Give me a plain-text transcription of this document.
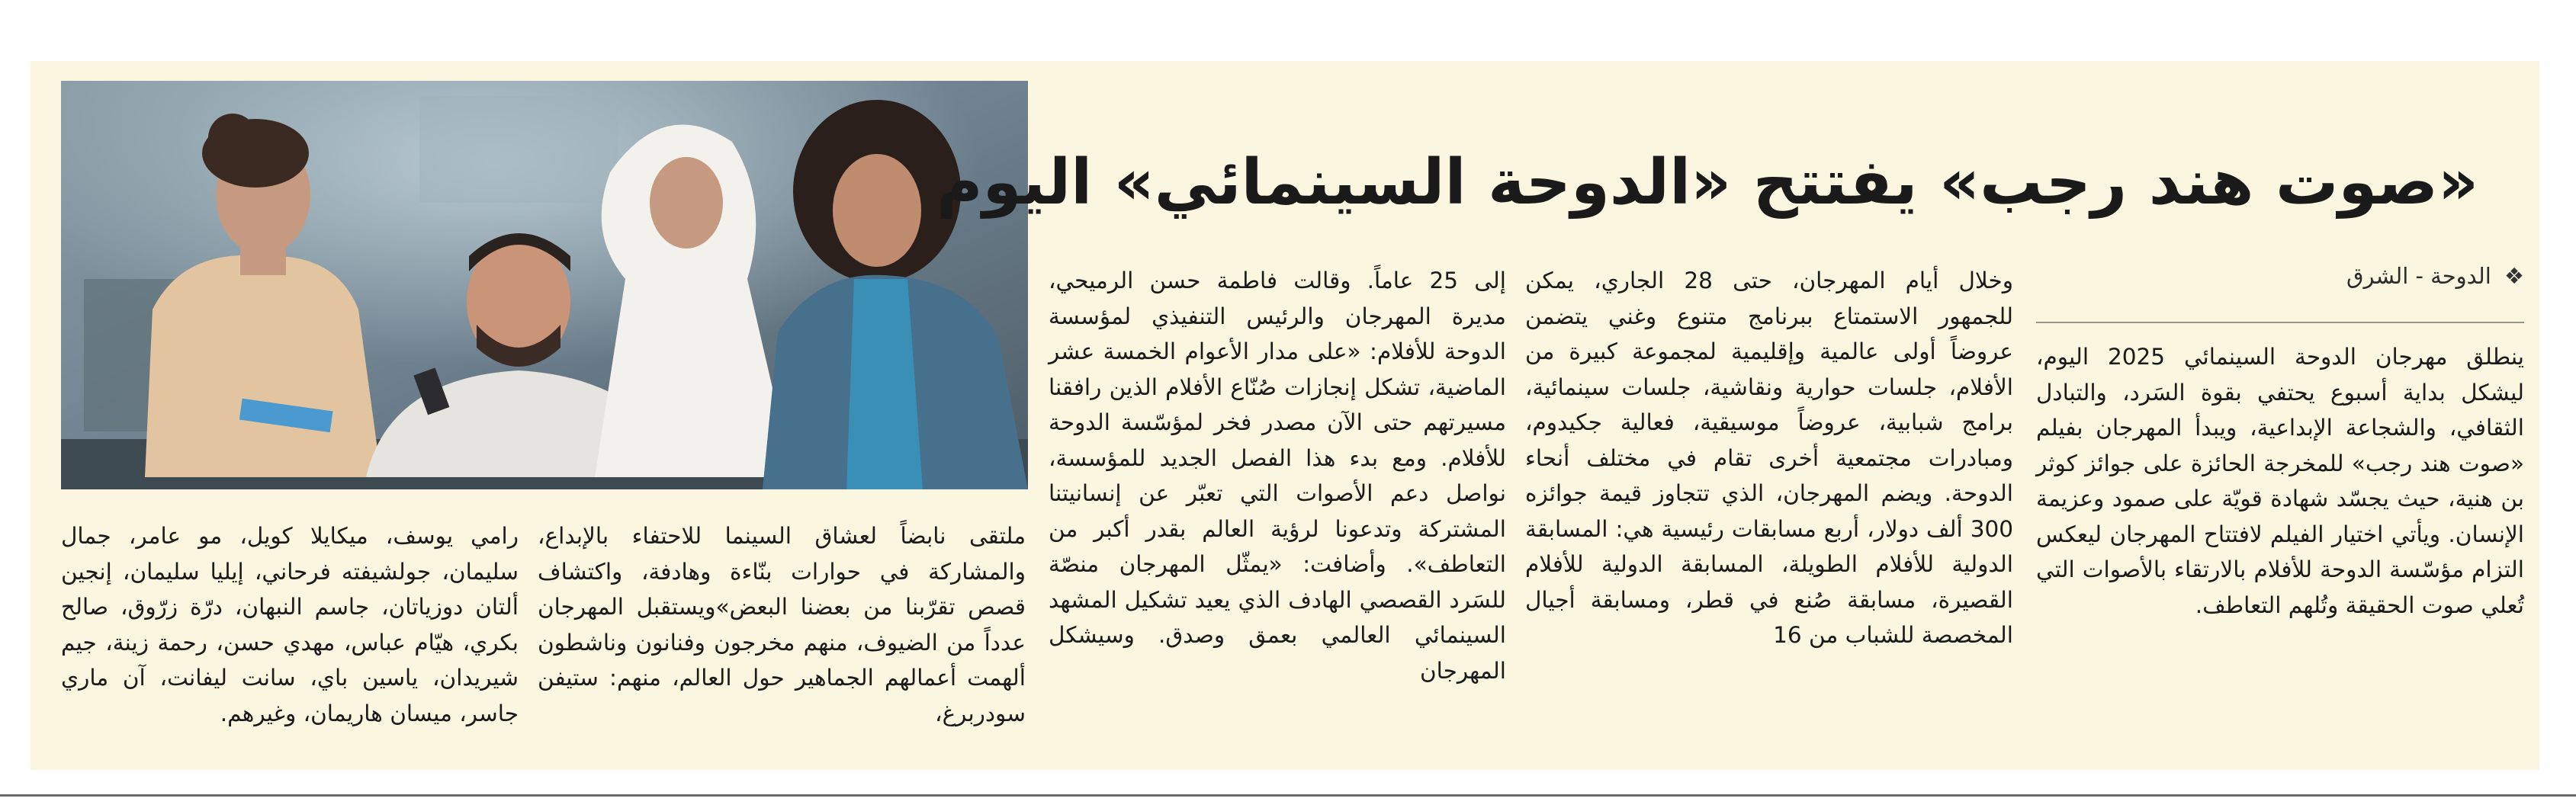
«صوت هند رجب» يفتتح «الدوحة السينمائي» اليوم
❖ الدوحة - الشرق

ينطلق مهرجان الدوحة السينمائي 2025 اليوم، ليشكل بداية أسبوع يحتفي بقوة السَرد، والتبادل الثقافي، والشجاعة الإبداعية، ويبدأ المهرجان بفيلم «صوت هند رجب» للمخرجة الحائزة على جوائز كوثر بن هنية، حيث يجسّد شهادة قويّة على صمود وعزيمة الإنسان. ويأتي اختيار الفيلم لافتتاح المهرجان ليعكس التزام مؤسّسة الدوحة للأفلام بالارتقاء بالأصوات التي تُعلي صوت الحقيقة وتُلهم التعاطف.

وخلال أيام المهرجان، حتى 28 الجاري، يمكن للجمهور الاستمتاع ببرنامج متنوع وغني يتضمن عروضاً أولى عالمية وإقليمية لمجموعة كبيرة من الأفلام، جلسات حوارية ونقاشية، جلسات سينمائية، برامج شبابية، عروضاً موسيقية، فعالية جكيدوم، ومبادرات مجتمعية أخرى تقام في مختلف أنحاء الدوحة. ويضم المهرجان، الذي تتجاوز قيمة جوائزه 300 ألف دولار، أربع مسابقات رئيسية هي: المسابقة الدولية للأفلام الطويلة، المسابقة الدولية للأفلام القصيرة، مسابقة صُنع في قطر، ومسابقة أجيال المخصصة للشباب من 16

إلى 25 عاماً. وقالت فاطمة حسن الرميحي، مديرة المهرجان والرئيس التنفيذي لمؤسسة الدوحة للأفلام: «على مدار الأعوام الخمسة عشر الماضية، تشكل إنجازات صُنّاع الأفلام الذين رافقنا مسيرتهم حتى الآن مصدر فخر لمؤسّسة الدوحة للأفلام. ومع بدء هذا الفصل الجديد للمؤسسة، نواصل دعم الأصوات التي تعبّر عن إنسانيتنا المشتركة وتدعونا لرؤية العالم بقدر أكبر من التعاطف». وأضافت: «يمثّل المهرجان منصّة للسَرد القصصي الهادف الذي يعيد تشكيل المشهد السينمائي العالمي بعمق وصدق. وسيشكل المهرجان

ملتقى نابضاً لعشاق السينما للاحتفاء بالإبداع، والمشاركة في حوارات بنّاءة وهادفة، واكتشاف قصص تقرّبنا من بعضنا البعض»ويستقبل المهرجان عدداً من الضيوف، منهم مخرجون وفنانون وناشطون ألهمت أعمالهم الجماهير حول العالم، منهم: ستيفن سودربرغ،

رامي يوسف، ميكايلا كويل، مو عامر، جمال سليمان، جولشيفته فرحاني، إيليا سليمان، إنجين ألتان دوزياتان، جاسم النبهان، درّة زرّوق، صالح بكري، هيّام عباس، مهدي حسن، رحمة زينة، جيم شيريدان، ياسين باي، سانت ليفانت، آن ماري جاسر، ميسان هاريمان، وغيرهم.
